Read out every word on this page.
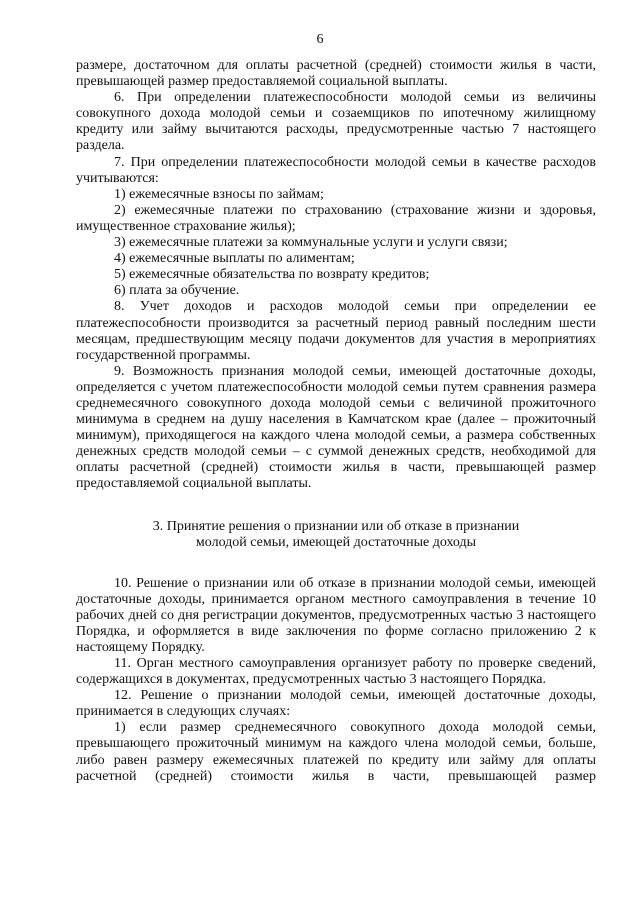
6

размере, достаточном для оплаты расчетной (средней) стоимости жилья в части, превышающей размер предоставляемой социальной выплаты.

6. При определении платежеспособности молодой семьи из величины совокупного дохода молодой семьи и созаемщиков по ипотечному жилищному кредиту или займу вычитаются расходы, предусмотренные частью 7 настоящего раздела.

7. При определении платежеспособности молодой семьи в качестве расходов учитываются:

1) ежемесячные взносы по займам;

2) ежемесячные платежи по страхованию (страхование жизни и здоровья, имущественное страхование жилья);

3) ежемесячные платежи за коммунальные услуги и услуги связи;

4) ежемесячные выплаты по алиментам;

5) ежемесячные обязательства по возврату кредитов;

6) плата за обучение.

8. Учет доходов и расходов молодой семьи при определении ее платежеспособности производится за расчетный период равный последним шести месяцам, предшествующим месяцу подачи документов для участия в мероприятиях государственной программы.

9. Возможность признания молодой семьи, имеющей достаточные доходы, определяется с учетом платежеспособности молодой семьи путем сравнения размера среднемесячного совокупного дохода молодой семьи с величиной прожиточного минимума в среднем на душу населения в Камчатском крае (далее – прожиточный минимум), приходящегося на каждого члена молодой семьи, а размера собственных денежных средств молодой семьи – с суммой денежных средств, необходимой для оплаты расчетной (средней) стоимости жилья в части, превышающей размер предоставляемой социальной выплаты.

3. Принятие решения о признании или об отказе в признании
молодой семьи, имеющей достаточные доходы

10. Решение о признании или об отказе в признании молодой семьи, имеющей достаточные доходы, принимается органом местного самоуправления в течение 10 рабочих дней со дня регистрации документов, предусмотренных частью 3 настоящего Порядка, и оформляется в виде заключения по форме согласно приложению 2 к настоящему Порядку.

11. Орган местного самоуправления организует работу по проверке сведений, содержащихся в документах, предусмотренных частью 3 настоящего Порядка.

12. Решение о признании молодой семьи, имеющей достаточные доходы, принимается в следующих случаях:

1) если размер среднемесячного совокупного дохода молодой семьи, превышающего прожиточный минимум на каждого члена молодой семьи, больше, либо равен размеру ежемесячных платежей по кредиту или займу для оплаты расчетной (средней) стоимости жилья в части, превышающей размер
